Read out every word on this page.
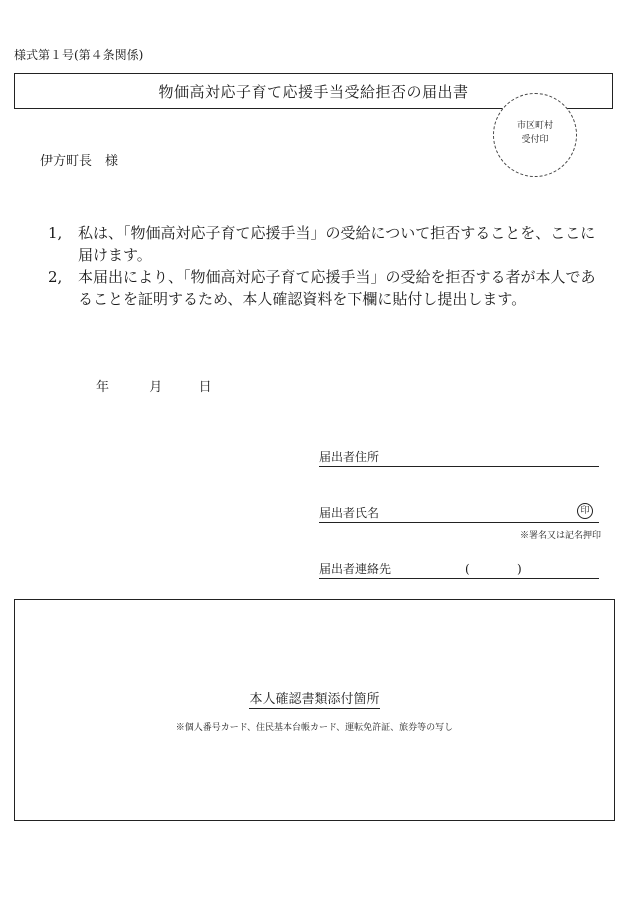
様式第１号(第４条関係)
物価高対応子育て応援手当受給拒否の届出書
市区町村
受付印
伊方町長　様
1,	私は、「物価高対応子育て応援手当」の受給について拒否することを、ここに届けます。
2,	本届出により、「物価高対応子育て応援手当」の受給を拒否する者が本人であることを証明するため、本人確認資料を下欄に貼付し提出します。
年	月	日
届出者住所
届出者氏名	印
※署名又は記名押印
届出者連絡先	(	)
本人確認書類添付箇所
※個人番号カード、住民基本台帳カード、運転免許証、旅券等の写し
